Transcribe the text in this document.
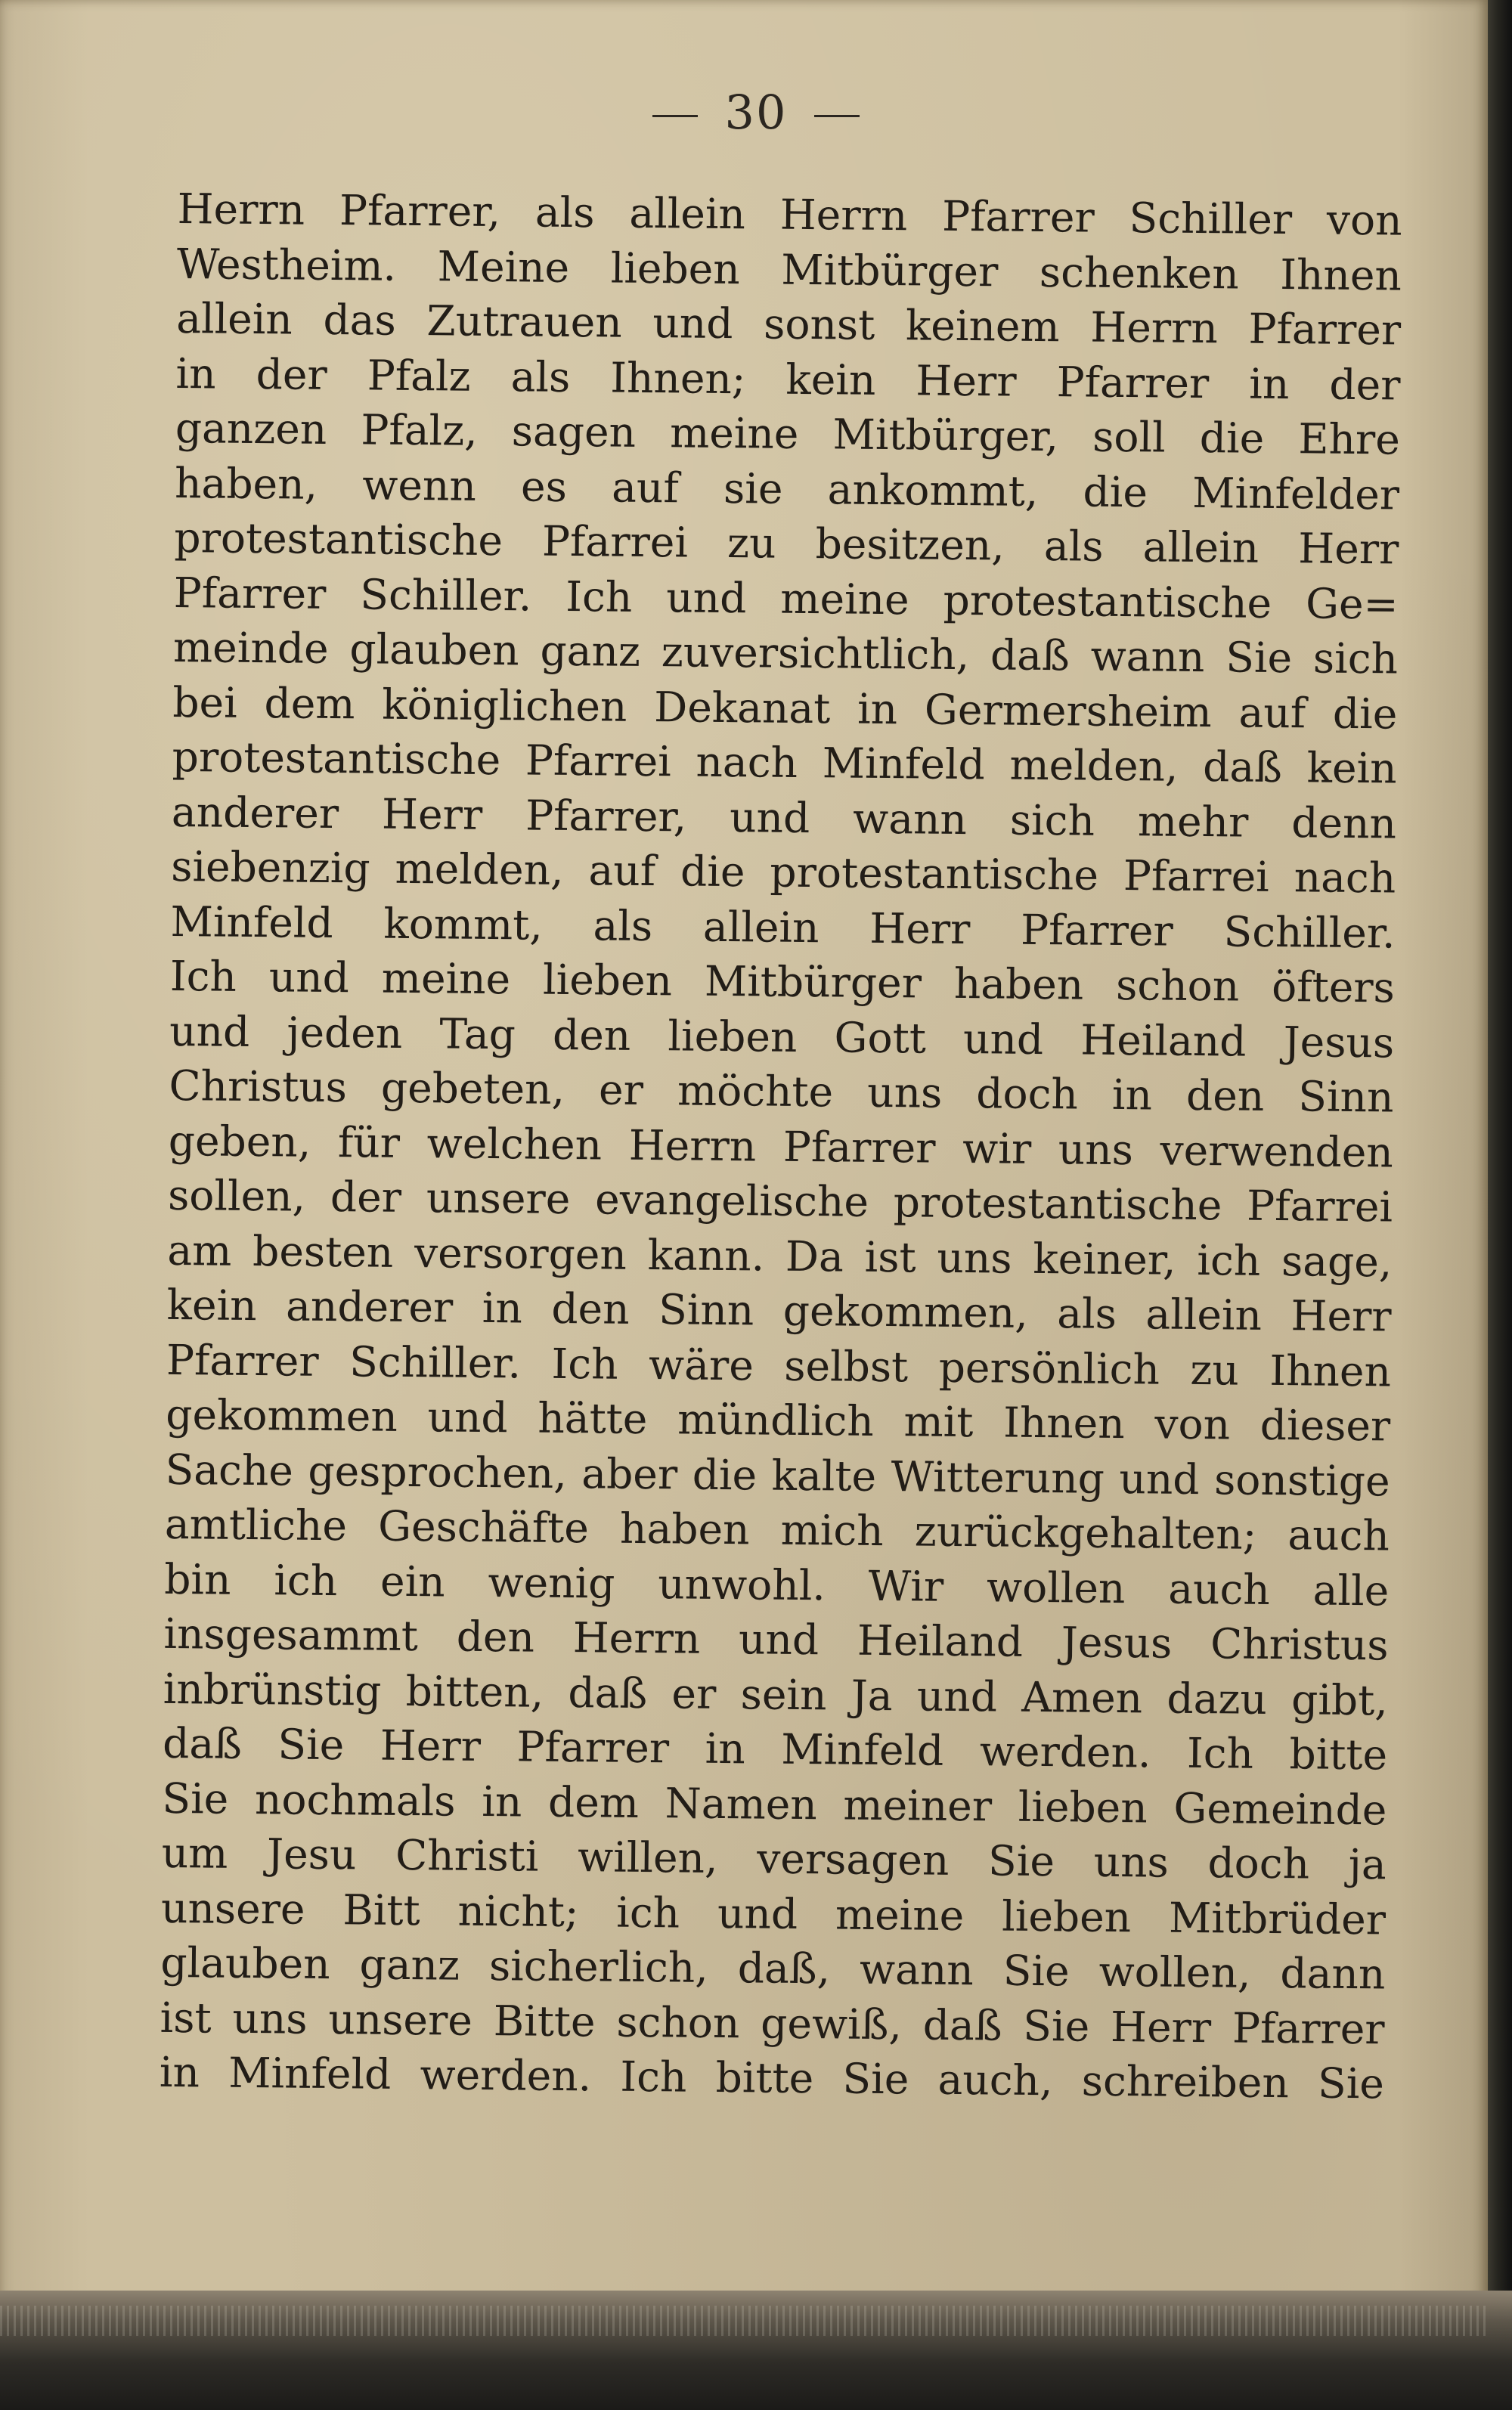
30
Herrn Pfarrer, als allein Herrn Pfarrer Schiller von
Westheim. Meine lieben Mitbürger schenken Ihnen
allein das Zutrauen und sonst keinem Herrn Pfarrer
in der Pfalz als Ihnen; kein Herr Pfarrer in der
ganzen Pfalz, sagen meine Mitbürger, soll die Ehre
haben, wenn es auf sie ankommt, die Minfelder
protestantische Pfarrei zu besitzen, als allein Herr
Pfarrer Schiller. Ich und meine protestantische Ge=
meinde glauben ganz zuversichtlich, daß wann Sie sich
bei dem königlichen Dekanat in Germersheim auf die
protestantische Pfarrei nach Minfeld melden, daß kein
anderer Herr Pfarrer, und wann sich mehr denn
siebenzig melden, auf die protestantische Pfarrei nach
Minfeld kommt, als allein Herr Pfarrer Schiller.
Ich und meine lieben Mitbürger haben schon öfters
und jeden Tag den lieben Gott und Heiland Jesus
Christus gebeten, er möchte uns doch in den Sinn
geben, für welchen Herrn Pfarrer wir uns verwenden
sollen, der unsere evangelische protestantische Pfarrei
am besten versorgen kann. Da ist uns keiner, ich sage,
kein anderer in den Sinn gekommen, als allein Herr
Pfarrer Schiller. Ich wäre selbst persönlich zu Ihnen
gekommen und hätte mündlich mit Ihnen von dieser
Sache gesprochen, aber die kalte Witterung und sonstige
amtliche Geschäfte haben mich zurückgehalten; auch
bin ich ein wenig unwohl. Wir wollen auch alle
insgesammt den Herrn und Heiland Jesus Christus
inbrünstig bitten, daß er sein Ja und Amen dazu gibt,
daß Sie Herr Pfarrer in Minfeld werden. Ich bitte
Sie nochmals in dem Namen meiner lieben Gemeinde
um Jesu Christi willen, versagen Sie uns doch ja
unsere Bitt nicht; ich und meine lieben Mitbrüder
glauben ganz sicherlich, daß, wann Sie wollen, dann
ist uns unsere Bitte schon gewiß, daß Sie Herr Pfarrer
in Minfeld werden. Ich bitte Sie auch, schreiben Sie
